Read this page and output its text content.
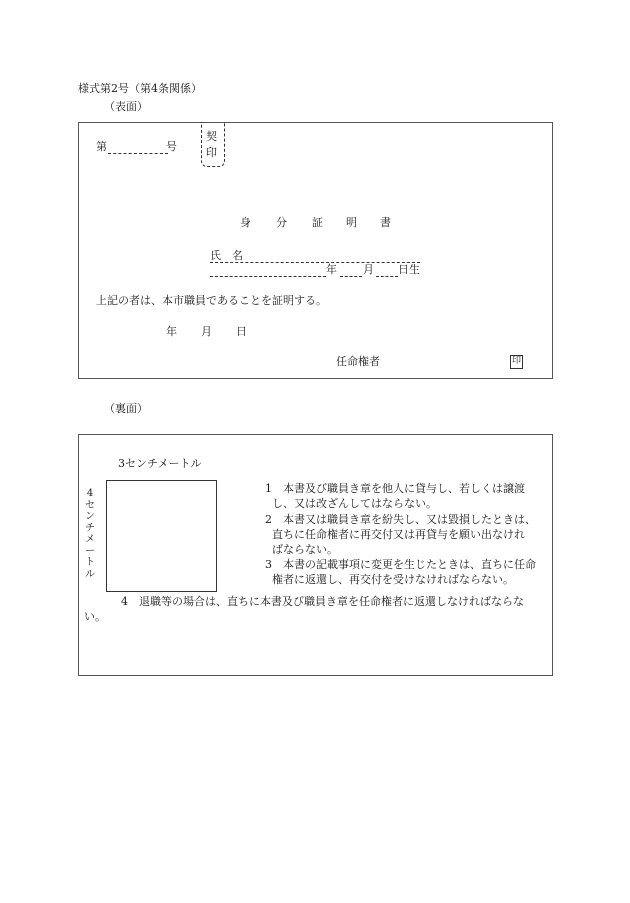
様式第2号（第4条関係）
（表面）
第	号
契
印
身 分 証 明 書
氏　名
年 月 日生
上記の者は、本市職員であることを証明する。
年 月 日
任命権者	印
（裏面）
3センチメートル
4
セ
ン
チ
メ
ー
ト
ル
1　本書及び職員き章を他人に貸与し、若しくは譲渡
し、又は改ざんしてはならない。
2　本書又は職員き章を紛失し、又は毀損したときは、
直ちに任命権者に再交付又は再貸与を願い出なけれ
ばならない。
3　本書の記載事項に変更を生じたときは、直ちに任命
権者に返還し、再交付を受けなければならない。
4　退職等の場合は、直ちに本書及び職員き章を任命権者に返還しなければならな
い。
